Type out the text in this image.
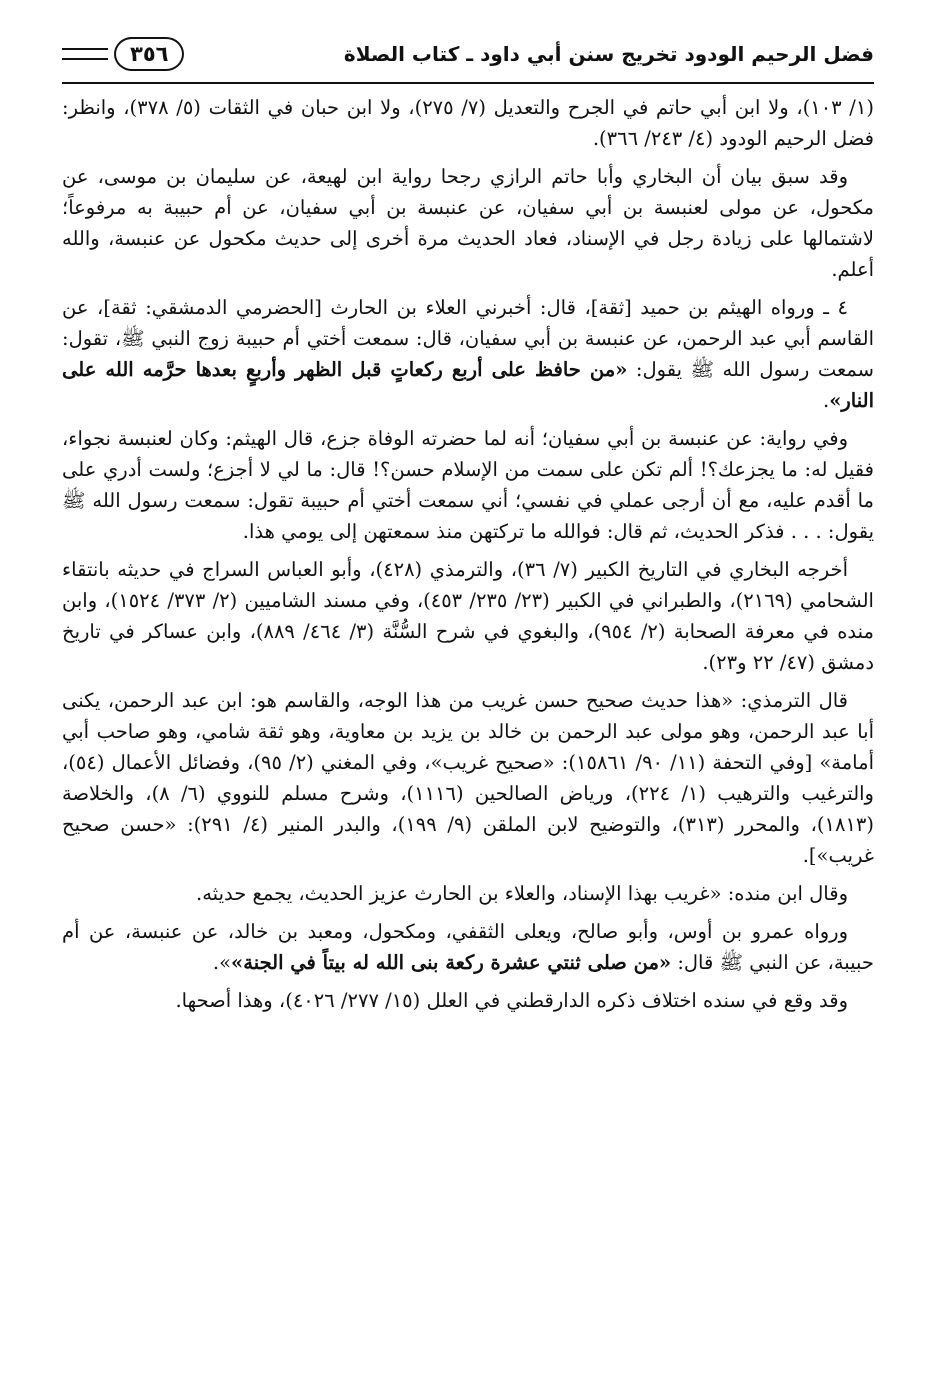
فضل الرحيم الودود تخريج سنن أبي داود ـ كتاب الصلاة
٣٥٦

(١/ ١٠٣)، ولا ابن أبي حاتم في الجرح والتعديل (٧/ ٢٧٥)، ولا ابن حبان في الثقات (٥/ ٣٧٨)، وانظر: فضل الرحيم الودود (٤/ ٢٤٣/ ٣٦٦).

وقد سبق بيان أن البخاري وأبا حاتم الرازي رجحا رواية ابن لهيعة، عن سليمان بن موسى، عن مكحول، عن مولى لعنبسة بن أبي سفيان، عن عنبسة بن أبي سفيان، عن أم حبيبة به مرفوعاً؛ لاشتمالها على زيادة رجل في الإسناد، فعاد الحديث مرة أخرى إلى حديث مكحول عن عنبسة، والله أعلم.

٤ ـ ورواه الهيثم بن حميد [ثقة]، قال: أخبرني العلاء بن الحارث [الحضرمي الدمشقي: ثقة]، عن القاسم أبي عبد الرحمن، عن عنبسة بن أبي سفيان، قال: سمعت أختي أم حبيبة زوج النبي ﷺ، تقول: سمعت رسول الله ﷺ يقول: «من حافظ على أربع ركعاتٍ قبل الظهر وأربعٍ بعدها حرَّمه الله على النار».

وفي رواية: عن عنبسة بن أبي سفيان؛ أنه لما حضرته الوفاة جزع، قال الهيثم: وكان لعنبسة نجواء، فقيل له: ما يجزعك؟! ألم تكن على سمت من الإسلام حسن؟! قال: ما لي لا أجزع؛ ولست أدري على ما أقدم عليه، مع أن أرجى عملي في نفسي؛ أني سمعت أختي أم حبيبة تقول: سمعت رسول الله ﷺ يقول: . . . فذكر الحديث، ثم قال: فوالله ما تركتهن منذ سمعتهن إلى يومي هذا.

أخرجه البخاري في التاريخ الكبير (٧/ ٣٦)، والترمذي (٤٢٨)، وأبو العباس السراج في حديثه بانتقاء الشحامي (٢١٦٩)، والطبراني في الكبير (٢٣/ ٢٣٥/ ٤٥٣)، وفي مسند الشاميين (٢/ ٣٧٣/ ١٥٢٤)، وابن منده في معرفة الصحابة (٢/ ٩٥٤)، والبغوي في شرح السُّنَّة (٣/ ٤٦٤/ ٨٨٩)، وابن عساكر في تاريخ دمشق (٤٧/ ٢٢ و٢٣).

قال الترمذي: «هذا حديث صحيح حسن غريب من هذا الوجه، والقاسم هو: ابن عبد الرحمن، يكنى أبا عبد الرحمن، وهو مولى عبد الرحمن بن خالد بن يزيد بن معاوية، وهو ثقة شامي، وهو صاحب أبي أمامة» [وفي التحفة (١١/ ٩٠/ ١٥٨٦١): «صحيح غريب»، وفي المغني (٢/ ٩٥)، وفضائل الأعمال (٥٤)، والترغيب والترهيب (١/ ٢٢٤)، ورياض الصالحين (١١١٦)، وشرح مسلم للنووي (٦/ ٨)، والخلاصة (١٨١٣)، والمحرر (٣١٣)، والتوضيح لابن الملقن (٩/ ١٩٩)، والبدر المنير (٤/ ٢٩١): «حسن صحيح غريب»].

وقال ابن منده: «غريب بهذا الإسناد، والعلاء بن الحارث عزيز الحديث، يجمع حديثه.

ورواه عمرو بن أوس، وأبو صالح، ويعلى الثقفي، ومكحول، ومعبد بن خالد، عن عنبسة، عن أم حبيبة، عن النبي ﷺ قال: «من صلى ثنتي عشرة ركعة بنى الله له بيتاً في الجنة»».

وقد وقع في سنده اختلاف ذكره الدارقطني في العلل (١٥/ ٢٧٧/ ٤٠٢٦)، وهذا أصحها.
